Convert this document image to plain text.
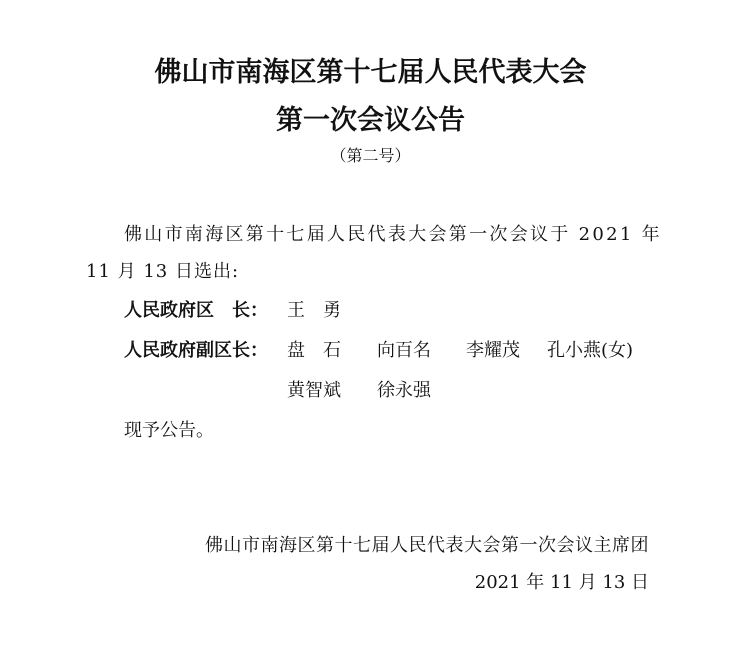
佛山市南海区第十七届人民代表大会
第一次会议公告
（第二号）
佛山市南海区第十七届人民代表大会第一次会议于 2021 年
11 月 13 日选出:
人民政府区　长： 王　勇
人民政府副区长： 盘　石 向百名 李耀茂 孔小燕(女)
黄智斌 徐永强
现予公告。
佛山市南海区第十七届人民代表大会第一次会议主席团
2021 年 11 月 13 日
